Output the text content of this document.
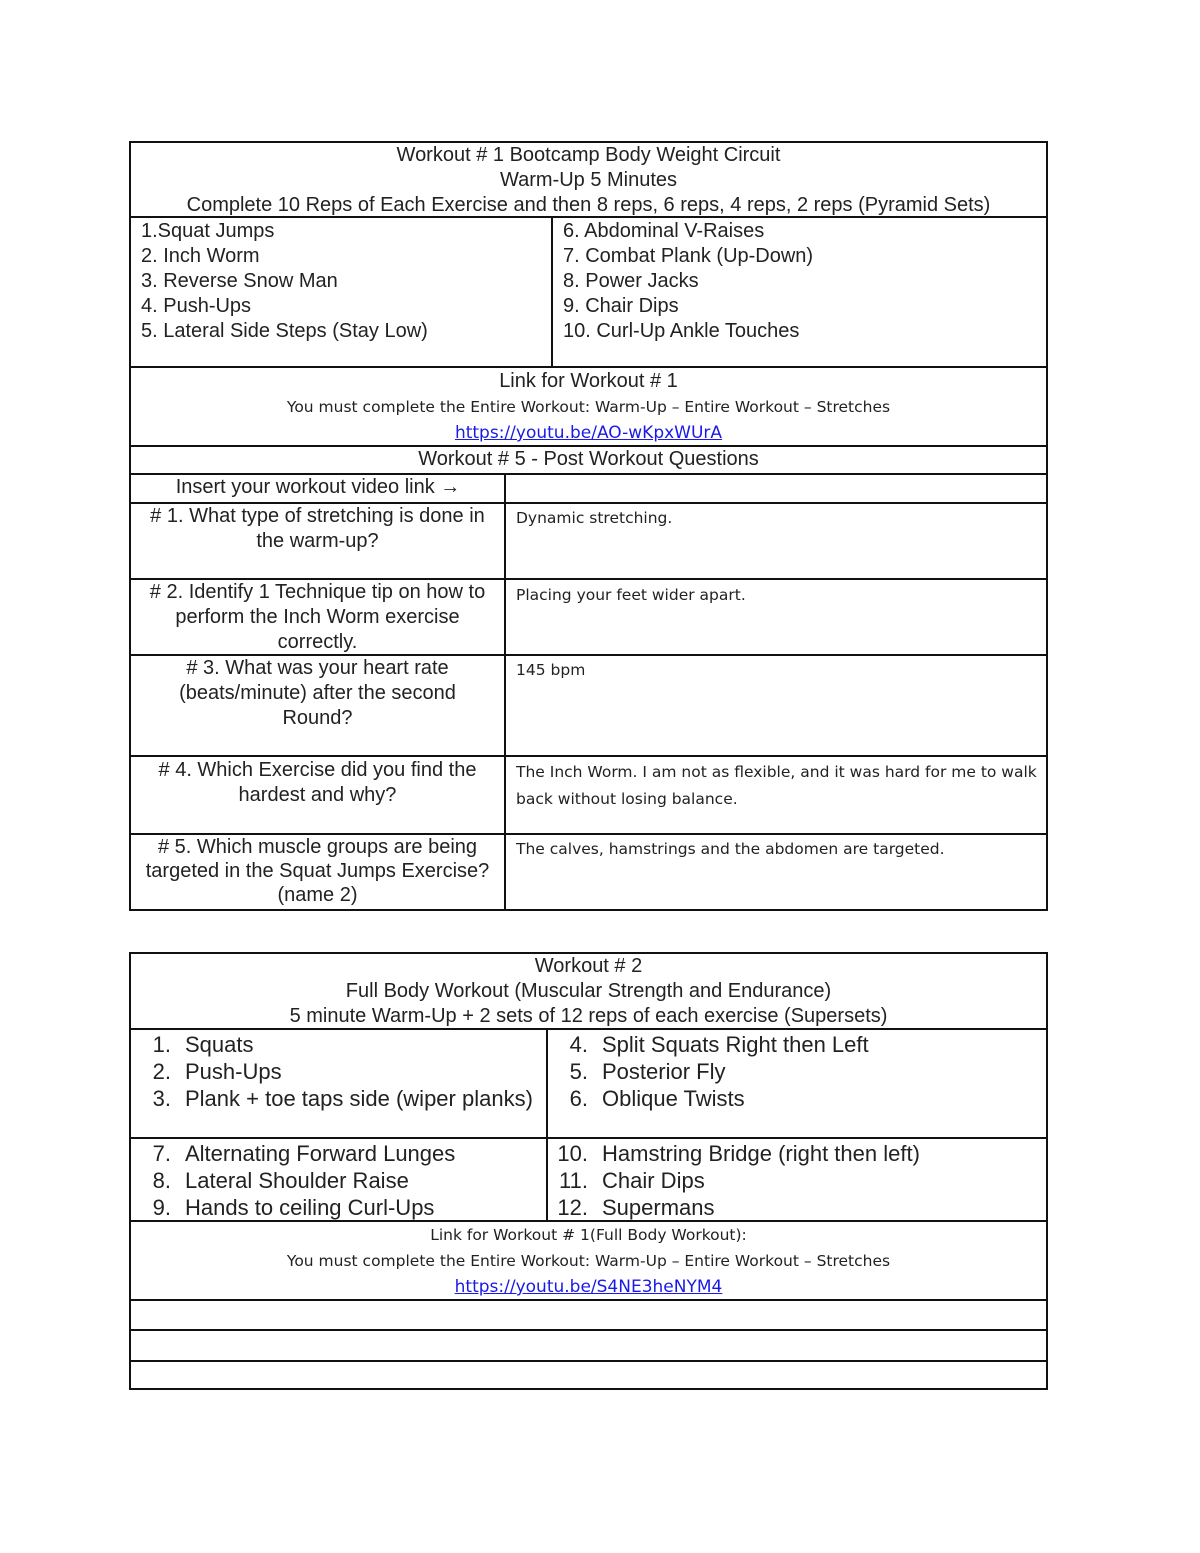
Workout # 1 Bootcamp Body Weight Circuit
Warm-Up 5 Minutes
Complete 10 Reps of Each Exercise and then 8 reps, 6 reps, 4 reps, 2 reps (Pyramid Sets)
1.Squat Jumps
2. Inch Worm
3. Reverse Snow Man
4. Push-Ups
5. Lateral Side Steps (Stay Low)
6. Abdominal V-Raises
7. Combat Plank (Up-Down)
8. Power Jacks
9. Chair Dips
10. Curl-Up Ankle Touches
Link for Workout # 1
You must complete the Entire Workout: Warm-Up – Entire Workout – Stretches
https://youtu.be/AO-wKpxWUrA
Workout # 5 - Post Workout Questions
Insert your workout video link →
# 1. What type of stretching is done in the warm-up?
Dynamic stretching.
# 2. Identify 1 Technique tip on how to perform the Inch Worm exercise correctly.
Placing your feet wider apart.
# 3. What was your heart rate (beats/minute) after the second Round?
145 bpm
# 4. Which Exercise did you find the hardest and why?
The Inch Worm. I am not as flexible, and it was hard for me to walk back without losing balance.
# 5. Which muscle groups are being targeted in the Squat Jumps Exercise? (name 2)
The calves, hamstrings and the abdomen are targeted.
Workout # 2
Full Body Workout (Muscular Strength and Endurance)
5 minute Warm-Up + 2 sets of 12 reps of each exercise (Supersets)
1. Squats
2. Push-Ups
3. Plank + toe taps side (wiper planks)
4. Split Squats Right then Left
5. Posterior Fly
6. Oblique Twists
7. Alternating Forward Lunges
8. Lateral Shoulder Raise
9. Hands to ceiling Curl-Ups
10. Hamstring Bridge (right then left)
11. Chair Dips
12. Supermans
Link for Workout # 1(Full Body Workout):
You must complete the Entire Workout: Warm-Up – Entire Workout – Stretches
https://youtu.be/S4NE3heNYM4
